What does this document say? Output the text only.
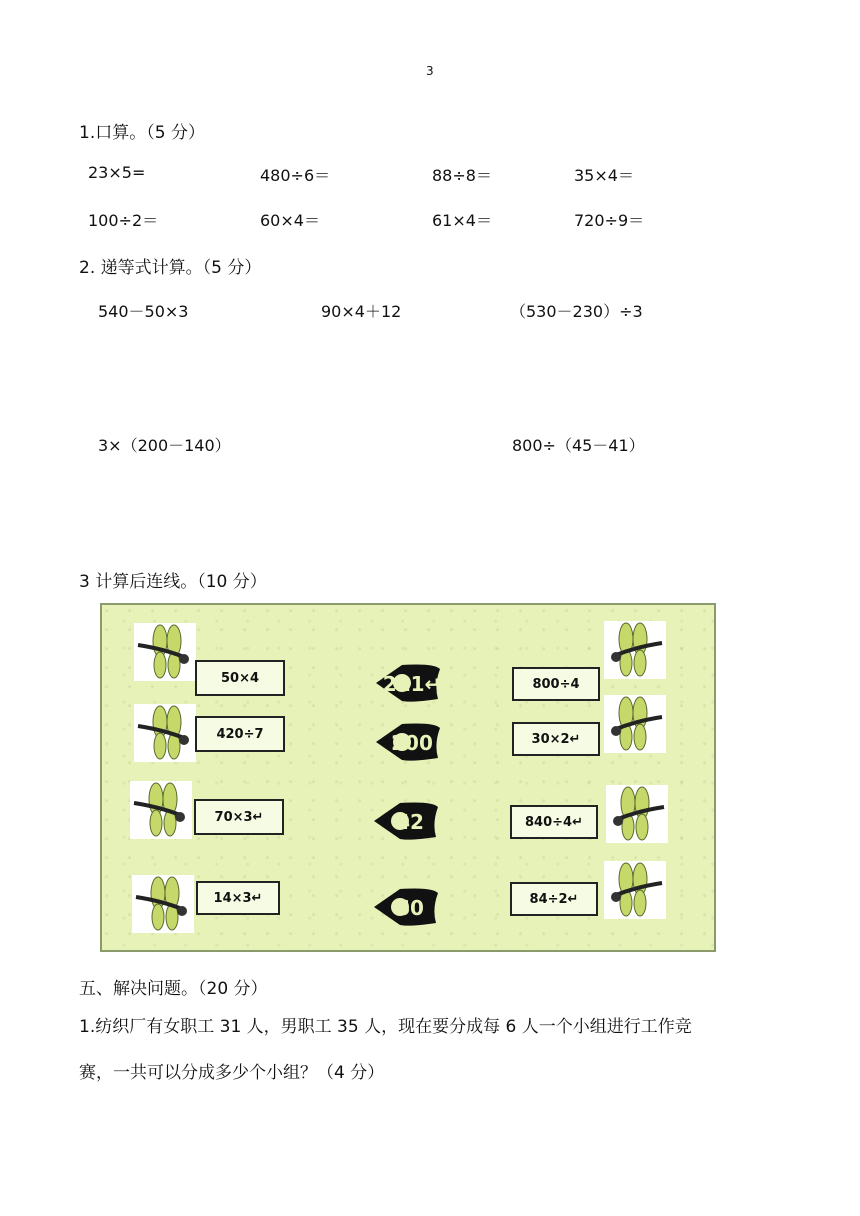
3
1.口算。（5 分）
23×5=	480÷6＝	88÷8＝	35×4＝
100÷2＝	60×4＝	61×4＝	720÷9＝
2. 递等式计算。（5 分）
540－50×3	90×4＋12	（530－230）÷3
3×（200－140）	800÷（45－41）
3 计算后连线。（10 分）
50×4
420÷7
70×3↵
14×3↵
211↵
200
42
60
800÷4
30×2↵
840÷4↵
84÷2↵
五、解决问题。（20 分）
1.纺织厂有女职工 31 人，男职工 35 人，现在要分成每 6 人一个小组进行工作竞
赛，一共可以分成多少个小组？（4 分）
